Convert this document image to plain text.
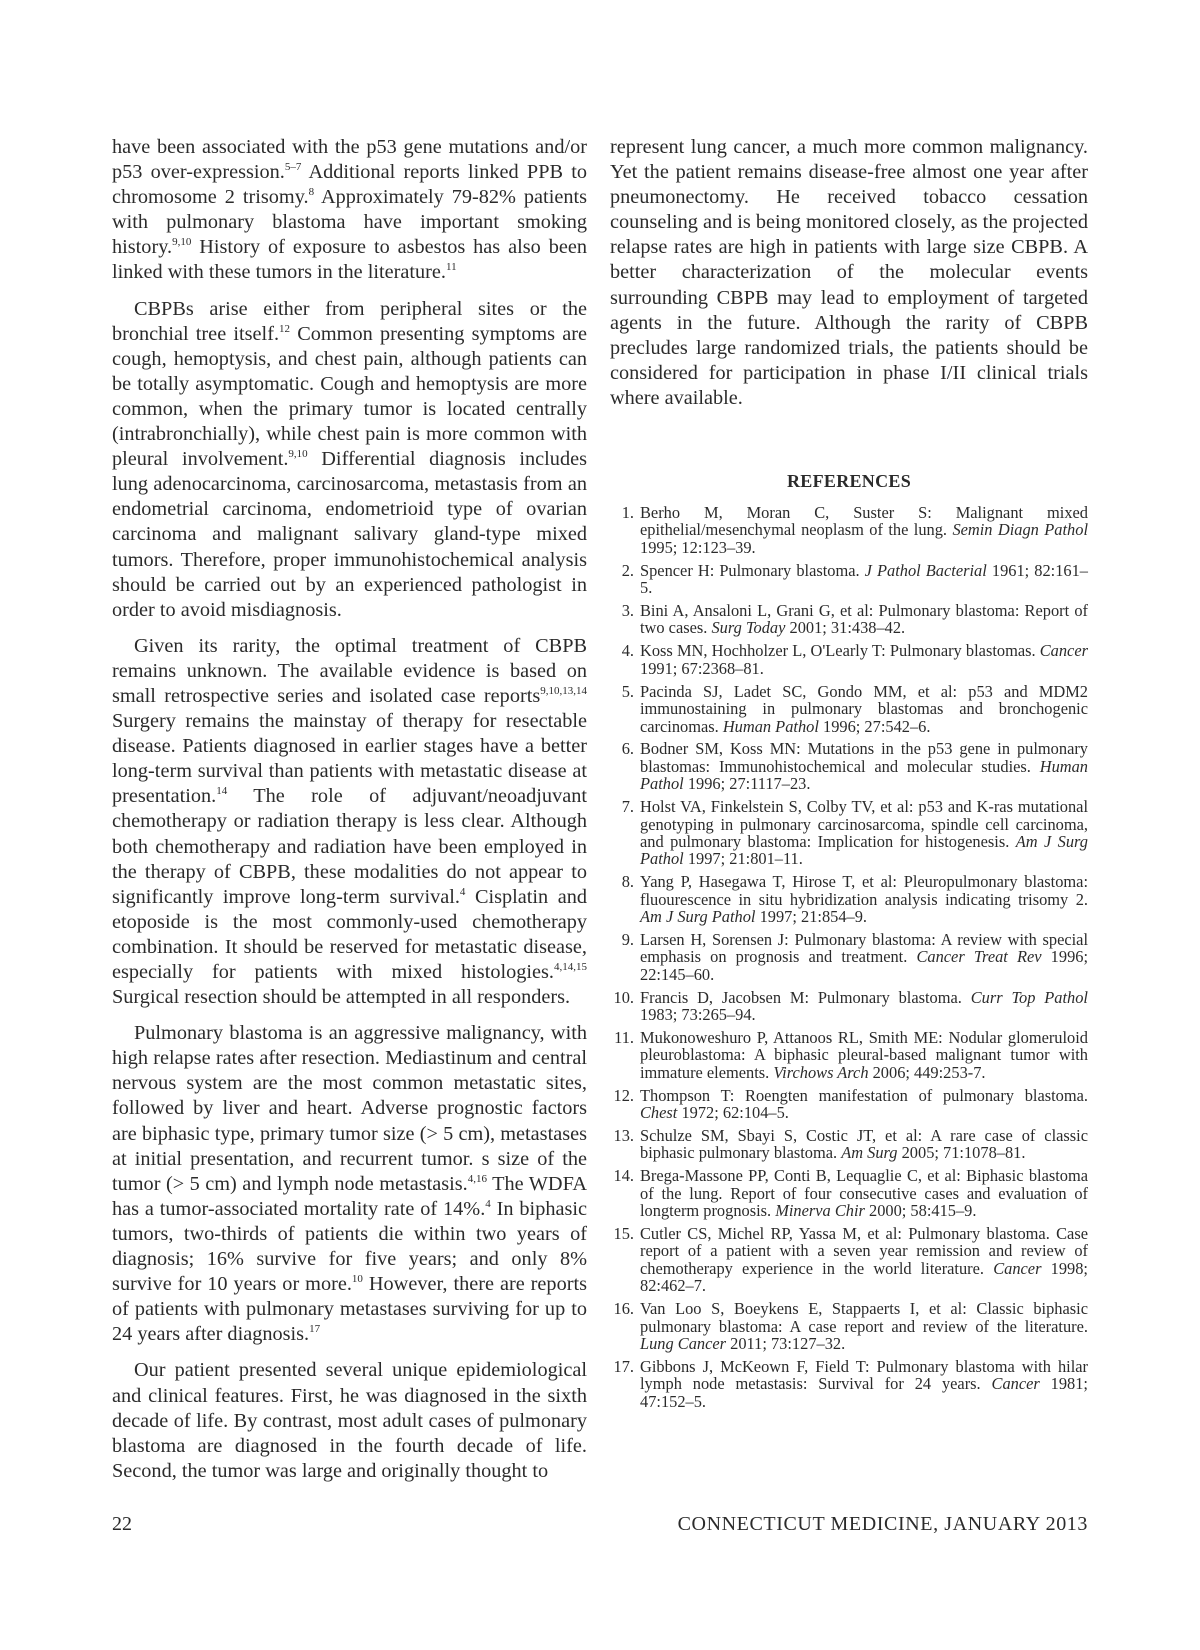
have been associated with the p53 gene mutations and/or p53 over-expression.$^{5-7}$ Additional reports linked PPB to chromosome 2 trisomy.$^8$ Approximately 79-82% patients with pulmonary blastoma have important smoking history.$^{9,10}$ History of exposure to asbestos has also been linked with these tumors in the literature.$^{11}$

CBPBs arise either from peripheral sites or the bronchial tree itself.$^{12}$ Common presenting symptoms are cough, hemoptysis, and chest pain, although patients can be totally asymptomatic. Cough and hemoptysis are more common, when the primary tumor is located centrally (intrabronchially), while chest pain is more common with pleural involvement.$^{9,10}$ Differential diagnosis includes lung adenocarcinoma, carcinosarcoma, metastasis from an endometrial carcinoma, endometrioid type of ovarian carcinoma and malignant salivary gland-type mixed tumors. Therefore, proper immunohistochemical analysis should be carried out by an experienced pathologist in order to avoid misdiagnosis.

Given its rarity, the optimal treatment of CBPB remains unknown. The available evidence is based on small retrospective series and isolated case reports$^{9,10,13,14}$ Surgery remains the mainstay of therapy for resectable disease. Patients diagnosed in earlier stages have a better long-term survival than patients with metastatic disease at presentation.$^{14}$ The role of adjuvant/neoadjuvant chemotherapy or radiation therapy is less clear. Although both chemotherapy and radiation have been employed in the therapy of CBPB, these modalities do not appear to significantly improve long-term survival.$^4$ Cisplatin and etoposide is the most commonly-used chemotherapy combination. It should be reserved for metastatic disease, especially for patients with mixed histologies.$^{4,14,15}$ Surgical resection should be attempted in all responders.

Pulmonary blastoma is an aggressive malignancy, with high relapse rates after resection. Mediastinum and central nervous system are the most common metastatic sites, followed by liver and heart. Adverse prognostic factors are biphasic type, primary tumor size (> 5 cm), metastases at initial presentation, and recurrent tumor. s size of the tumor (> 5 cm) and lymph node metastasis.$^{4,16}$ The WDFA has a tumor-associated mortality rate of 14%.$^4$ In biphasic tumors, two-thirds of patients die within two years of diagnosis; 16% survive for five years; and only 8% survive for 10 years or more.$^{10}$ However, there are reports of patients with pulmonary metastases surviving for up to 24 years after diagnosis.$^{17}$

Our patient presented several unique epidemiological and clinical features. First, he was diagnosed in the sixth decade of life. By contrast, most adult cases of pulmonary blastoma are diagnosed in the fourth decade of life. Second, the tumor was large and originally thought to

represent lung cancer, a much more common malignancy. Yet the patient remains disease-free almost one year after pneumonectomy. He received tobacco cessation counseling and is being monitored closely, as the projected relapse rates are high in patients with large size CBPB. A better characterization of the molecular events surrounding CBPB may lead to employment of targeted agents in the future. Although the rarity of CBPB precludes large randomized trials, the patients should be considered for participation in phase I/II clinical trials where available.

REFERENCES
1. Berho M, Moran C, Suster S: Malignant mixed epithelial/mesenchymal neoplasm of the lung. Semin Diagn Pathol 1995; 12:123–39.
2. Spencer H: Pulmonary blastoma. J Pathol Bacterial 1961; 82:161–5.
3. Bini A, Ansaloni L, Grani G, et al: Pulmonary blastoma: Report of two cases. Surg Today 2001; 31:438–42.
4. Koss MN, Hochholzer L, O'Learly T: Pulmonary blastomas. Cancer 1991; 67:2368–81.
5. Pacinda SJ, Ladet SC, Gondo MM, et al: p53 and MDM2 immunostaining in pulmonary blastomas and bronchogenic carcinomas. Human Pathol 1996; 27:542–6.
6. Bodner SM, Koss MN: Mutations in the p53 gene in pulmonary blastomas: Immunohistochemical and molecular studies. Human Pathol 1996; 27:1117–23.
7. Holst VA, Finkelstein S, Colby TV, et al: p53 and K-ras mutational genotyping in pulmonary carcinosarcoma, spindle cell carcinoma, and pulmonary blastoma: Implication for histogenesis. Am J Surg Pathol 1997; 21:801–11.
8. Yang P, Hasegawa T, Hirose T, et al: Pleuropulmonary blastoma: fluourescence in situ hybridization analysis indicating trisomy 2. Am J Surg Pathol 1997; 21:854–9.
9. Larsen H, Sorensen J: Pulmonary blastoma: A review with special emphasis on prognosis and treatment. Cancer Treat Rev 1996; 22:145–60.
10. Francis D, Jacobsen M: Pulmonary blastoma. Curr Top Pathol 1983; 73:265–94.
11. Mukonoweshuro P, Attanoos RL, Smith ME: Nodular glomeruloid pleuroblastoma: A biphasic pleural-based malignant tumor with immature elements. Virchows Arch 2006; 449:253-7.
12. Thompson T: Roengten manifestation of pulmonary blastoma. Chest 1972; 62:104–5.
13. Schulze SM, Sbayi S, Costic JT, et al: A rare case of classic biphasic pulmonary blastoma. Am Surg 2005; 71:1078–81.
14. Brega-Massone PP, Conti B, Lequaglie C, et al: Biphasic blastoma of the lung. Report of four consecutive cases and evaluation of longterm prognosis. Minerva Chir 2000; 58:415–9.
15. Cutler CS, Michel RP, Yassa M, et al: Pulmonary blastoma. Case report of a patient with a seven year remission and review of chemotherapy experience in the world literature. Cancer 1998; 82:462–7.
16. Van Loo S, Boeykens E, Stappaerts I, et al: Classic biphasic pulmonary blastoma: A case report and review of the literature. Lung Cancer 2011; 73:127–32.
17. Gibbons J, McKeown F, Field T: Pulmonary blastoma with hilar lymph node metastasis: Survival for 24 years. Cancer 1981; 47:152–5.
22	CONNECTICUT MEDICINE, JANUARY 2013
